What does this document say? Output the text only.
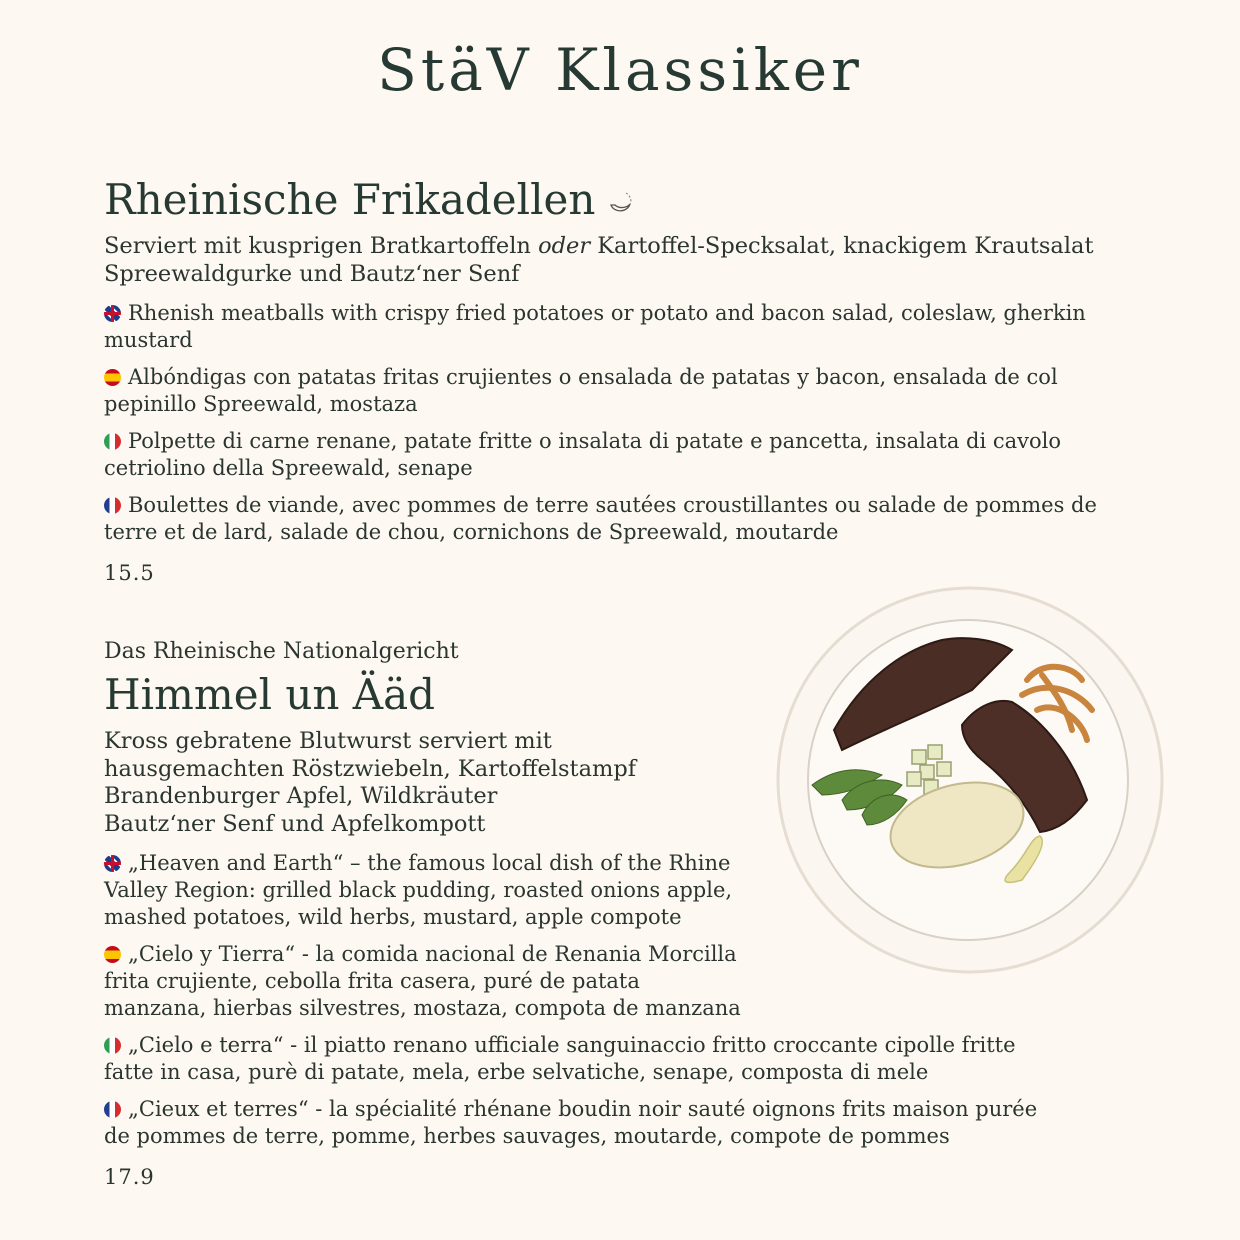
StäV Klassiker
Rheinische Frikadellen

Serviert mit kusprigen Bratkartoffeln oder Kartoffel-Specksalat, knackigem Krautsalat Spreewaldgurke und Bautz‘ner Senf

Rhenish meatballs with crispy fried potatoes or potato and bacon salad, coleslaw, gherkin mustard

Albóndigas con patatas fritas crujientes o ensalada de patatas y bacon, ensalada de col pepinillo Spreewald, mostaza

Polpette di carne renane, patate fritte o insalata di patate e pancetta, insalata di cavolo cetriolino della Spreewald, senape

Boulettes de viande, avec pommes de terre sautées croustillantes ou salade de pommes de terre et de lard, salade de chou, cornichons de Spreewald, moutarde

15.5

Das Rheinische Nationalgericht

Himmel un Ääd

Kross gebratene Blutwurst serviert mit
hausgemachten Röstzwiebeln, Kartoffelstampf
Brandenburger Apfel, Wildkräuter
Bautz‘ner Senf und Apfelkompott

„Heaven and Earth“ – the famous local dish of the Rhine Valley Region: grilled black pudding, roasted onions apple, mashed potatoes, wild herbs, mustard, apple compote

„Cielo y Tierra“ - la comida nacional de Renania Morcilla frita crujiente, cebolla frita casera, puré de patata manzana, hierbas silvestres, mostaza, compota de manzana

„Cielo e terra“ - il piatto renano ufficiale sanguinaccio fritto croccante cipolle fritte fatte in casa, purè di patate, mela, erbe selvatiche, senape, composta di mele

„Cieux et terres“ - la spécialité rhénane boudin noir sauté oignons frits maison purée de pommes de terre, pomme, herbes sauvages, moutarde, compote de pommes

17.9
